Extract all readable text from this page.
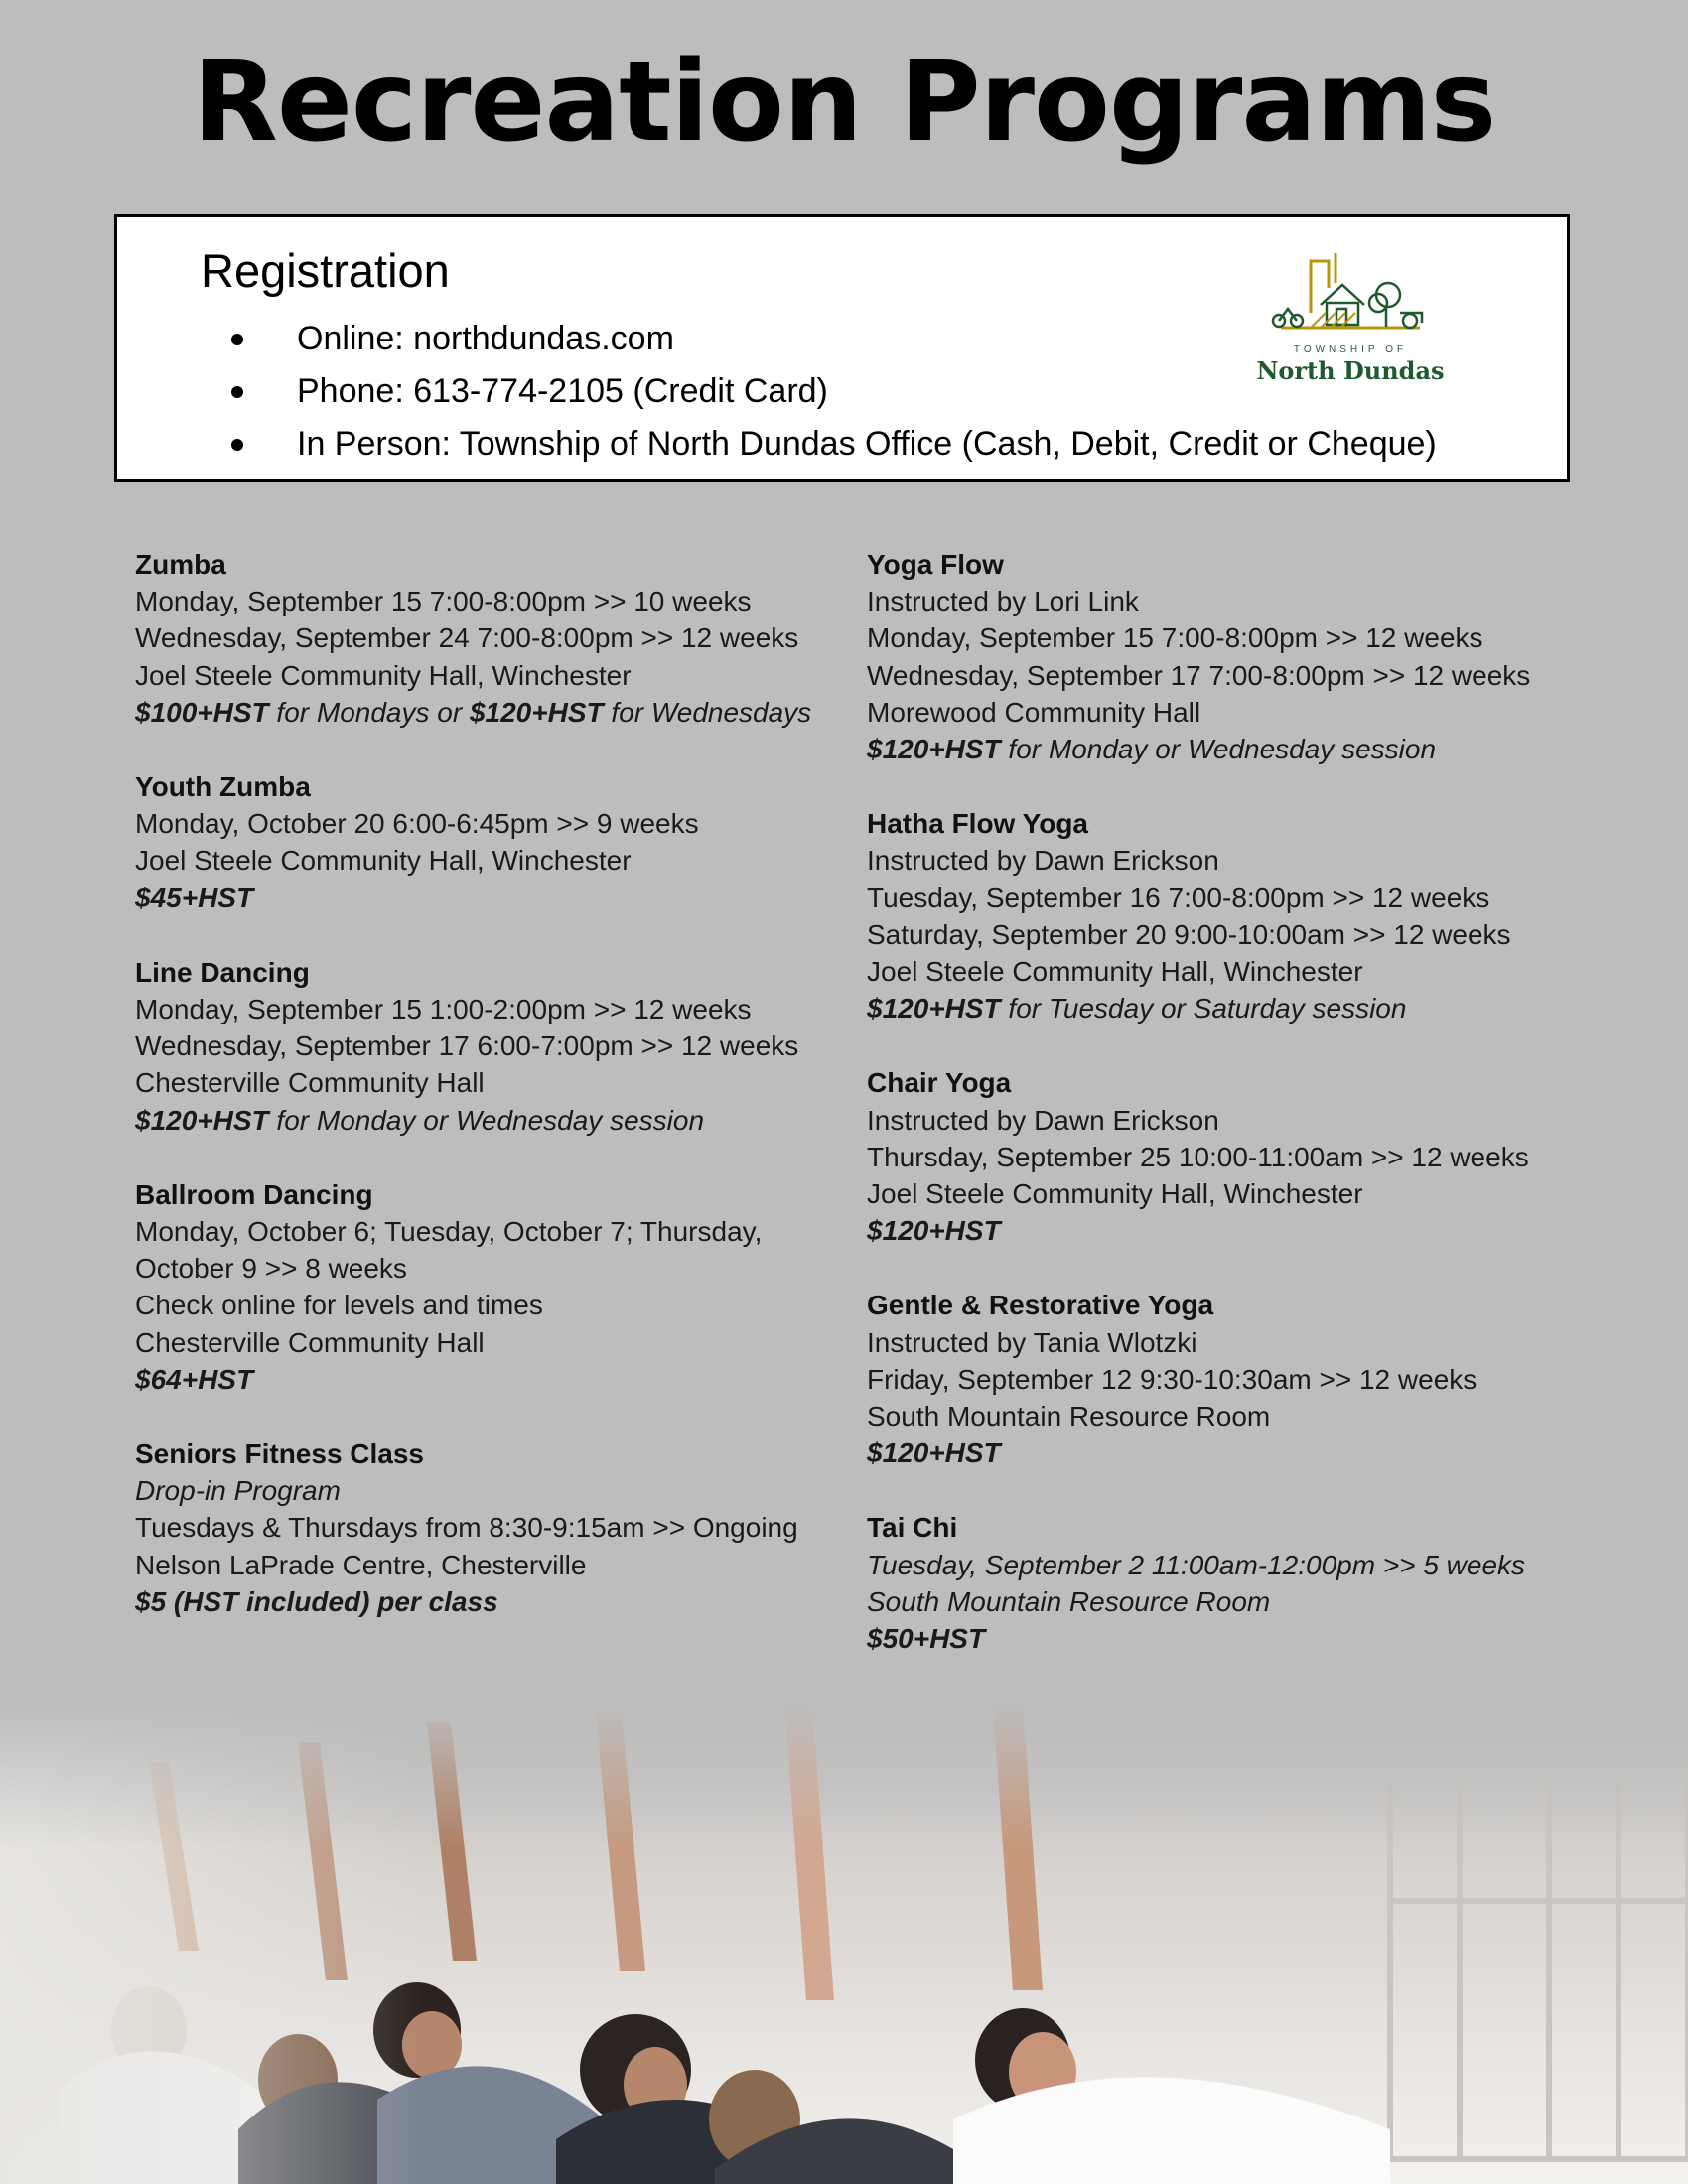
Recreation Programs
Registration
Online: northdundas.com
Phone: 613-774-2105 (Credit Card)
In Person: Township of North Dundas Office (Cash, Debit, Credit or Cheque)
TOWNSHIP OF
North Dundas
Zumba
Monday, September 15 7:00-8:00pm >> 10 weeks
Wednesday, September 24 7:00-8:00pm >> 12 weeks
Joel Steele Community Hall, Winchester
$100+HST for Mondays or $120+HST for Wednesdays
Youth Zumba
Monday, October 20 6:00-6:45pm >> 9 weeks
Joel Steele Community Hall, Winchester
$45+HST
Line Dancing
Monday, September 15 1:00-2:00pm >> 12 weeks
Wednesday, September 17 6:00-7:00pm >> 12 weeks
Chesterville Community Hall
$120+HST for Monday or Wednesday session
Ballroom Dancing
Monday, October 6; Tuesday, October 7; Thursday,
October 9 >> 8 weeks
Check online for levels and times
Chesterville Community Hall
$64+HST
Seniors Fitness Class
Drop-in Program
Tuesdays & Thursdays from 8:30-9:15am >> Ongoing
Nelson LaPrade Centre, Chesterville
$5 (HST included) per class
Yoga Flow
Instructed by Lori Link
Monday, September 15 7:00-8:00pm >> 12 weeks
Wednesday, September 17 7:00-8:00pm >> 12 weeks
Morewood Community Hall
$120+HST for Monday or Wednesday session
Hatha Flow Yoga
Instructed by Dawn Erickson
Tuesday, September 16 7:00-8:00pm >> 12 weeks
Saturday, September 20 9:00-10:00am >> 12 weeks
Joel Steele Community Hall, Winchester
$120+HST for Tuesday or Saturday session
Chair Yoga
Instructed by Dawn Erickson
Thursday, September 25 10:00-11:00am >> 12 weeks
Joel Steele Community Hall, Winchester
$120+HST
Gentle & Restorative Yoga
Instructed by Tania Wlotzki
Friday, September 12 9:30-10:30am >> 12 weeks
South Mountain Resource Room
$120+HST
Tai Chi
Tuesday, September 2 11:00am-12:00pm >> 5 weeks
South Mountain Resource Room
$50+HST
